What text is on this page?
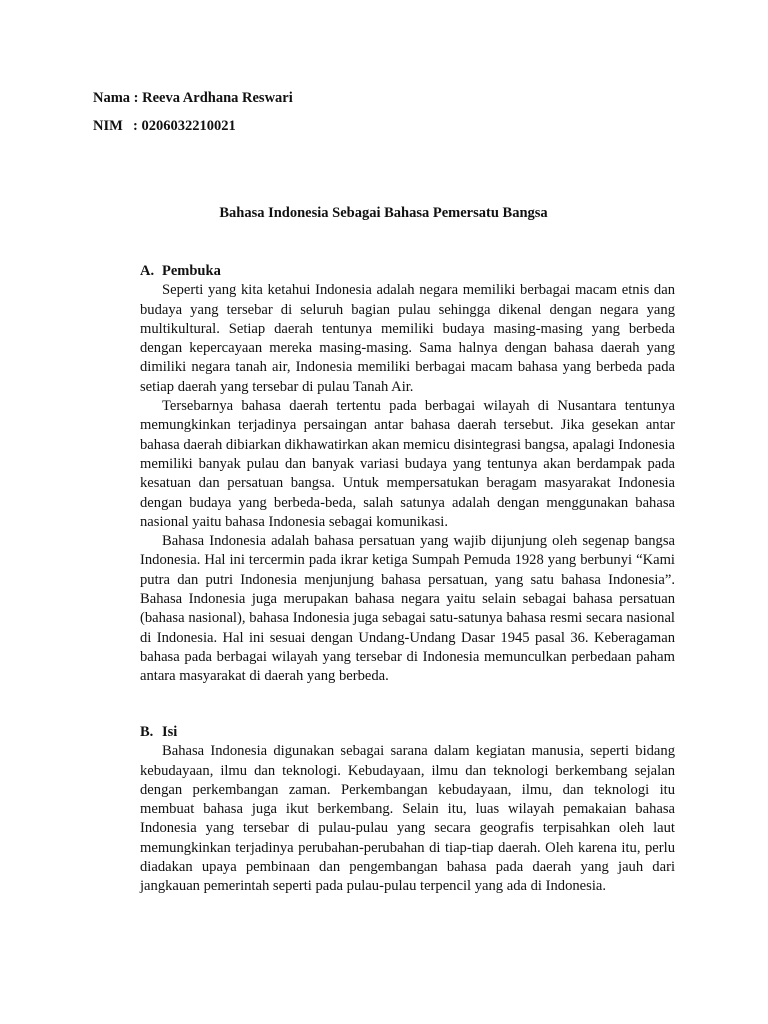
Nama : Reeva Ardhana Reswari
NIM : 0206032210021
Bahasa Indonesia Sebagai Bahasa Pemersatu Bangsa
A. Pembuka

Seperti yang kita ketahui Indonesia adalah negara memiliki berbagai macam etnis dan budaya yang tersebar di seluruh bagian pulau sehingga dikenal dengan negara yang multikultural. Setiap daerah tentunya memiliki budaya masing-masing yang berbeda dengan kepercayaan mereka masing-masing. Sama halnya dengan bahasa daerah yang dimiliki negara tanah air, Indonesia memiliki berbagai macam bahasa yang berbeda pada setiap daerah yang tersebar di pulau Tanah Air.

Tersebarnya bahasa daerah tertentu pada berbagai wilayah di Nusantara tentunya memungkinkan terjadinya persaingan antar bahasa daerah tersebut. Jika gesekan antar bahasa daerah dibiarkan dikhawatirkan akan memicu disintegrasi bangsa, apalagi Indonesia memiliki banyak pulau dan banyak variasi budaya yang tentunya akan berdampak pada kesatuan dan persatuan bangsa. Untuk mempersatukan beragam masyarakat Indonesia dengan budaya yang berbeda-beda, salah satunya adalah dengan menggunakan bahasa nasional yaitu bahasa Indonesia sebagai komunikasi.

Bahasa Indonesia adalah bahasa persatuan yang wajib dijunjung oleh segenap bangsa Indonesia. Hal ini tercermin pada ikrar ketiga Sumpah Pemuda 1928 yang berbunyi “Kami putra dan putri Indonesia menjunjung bahasa persatuan, yang satu bahasa Indonesia”. Bahasa Indonesia juga merupakan bahasa negara yaitu selain sebagai bahasa persatuan (bahasa nasional), bahasa Indonesia juga sebagai satu-satunya bahasa resmi secara nasional di Indonesia. Hal ini sesuai dengan Undang-Undang Dasar 1945 pasal 36. Keberagaman bahasa pada berbagai wilayah yang tersebar di Indonesia memunculkan perbedaan paham antara masyarakat di daerah yang berbeda.

B. Isi

Bahasa Indonesia digunakan sebagai sarana dalam kegiatan manusia, seperti bidang kebudayaan, ilmu dan teknologi. Kebudayaan, ilmu dan teknologi berkembang sejalan dengan perkembangan zaman. Perkembangan kebudayaan, ilmu, dan teknologi itu membuat bahasa juga ikut berkembang. Selain itu, luas wilayah pemakaian bahasa Indonesia yang tersebar di pulau-pulau yang secara geografis terpisahkan oleh laut memungkinkan terjadinya perubahan-perubahan di tiap-tiap daerah. Oleh karena itu, perlu diadakan upaya pembinaan dan pengembangan bahasa pada daerah yang jauh dari jangkauan pemerintah seperti pada pulau-pulau terpencil yang ada di Indonesia.
